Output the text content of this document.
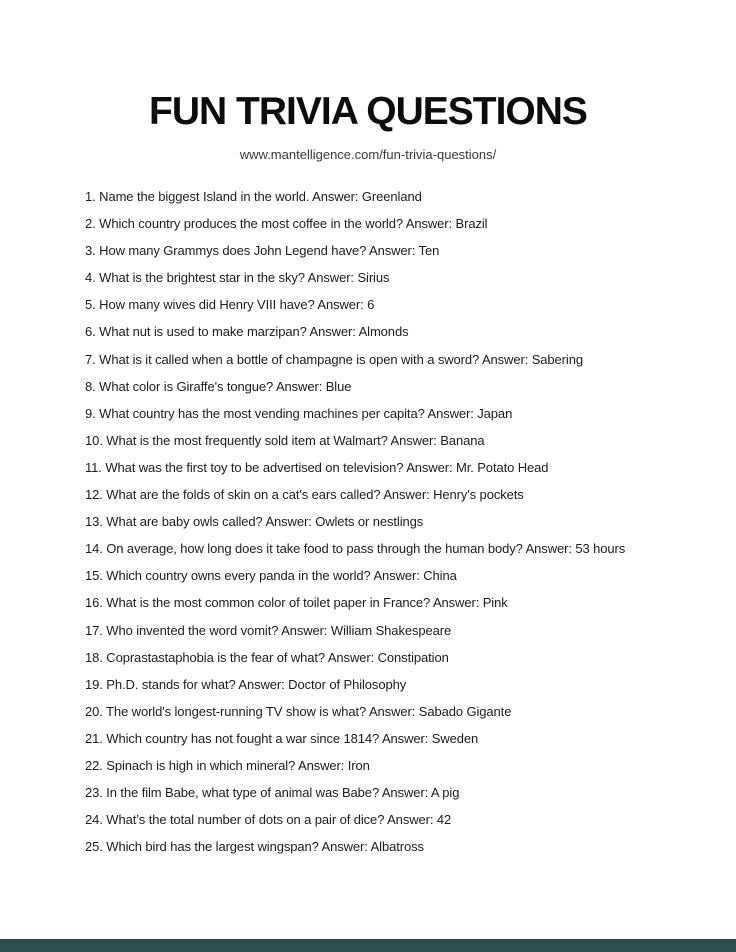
FUN TRIVIA QUESTIONS
www.mantelligence.com/fun-trivia-questions/
1. Name the biggest Island in the world. Answer: Greenland
2. Which country produces the most coffee in the world? Answer: Brazil
3. How many Grammys does John Legend have? Answer: Ten
4. What is the brightest star in the sky? Answer: Sirius
5. How many wives did Henry VIII have? Answer: 6
6. What nut is used to make marzipan? Answer: Almonds
7. What is it called when a bottle of champagne is open with a sword? Answer: Sabering
8. What color is Giraffe's tongue? Answer: Blue
9. What country has the most vending machines per capita? Answer: Japan
10. What is the most frequently sold item at Walmart? Answer: Banana
11. What was the first toy to be advertised on television? Answer: Mr. Potato Head
12. What are the folds of skin on a cat's ears called? Answer: Henry's pockets
13. What are baby owls called? Answer: Owlets or nestlings
14. On average, how long does it take food to pass through the human body? Answer: 53 hours
15. Which country owns every panda in the world? Answer: China
16. What is the most common color of toilet paper in France? Answer: Pink
17. Who invented the word vomit? Answer: William Shakespeare
18. Coprastastaphobia is the fear of what? Answer: Constipation
19. Ph.D. stands for what? Answer: Doctor of Philosophy
20. The world's longest-running TV show is what? Answer: Sabado Gigante
21. Which country has not fought a war since 1814? Answer: Sweden
22. Spinach is high in which mineral? Answer: Iron
23. In the film Babe, what type of animal was Babe? Answer: A pig
24. What’s the total number of dots on a pair of dice? Answer: 42
25. Which bird has the largest wingspan? Answer: Albatross
